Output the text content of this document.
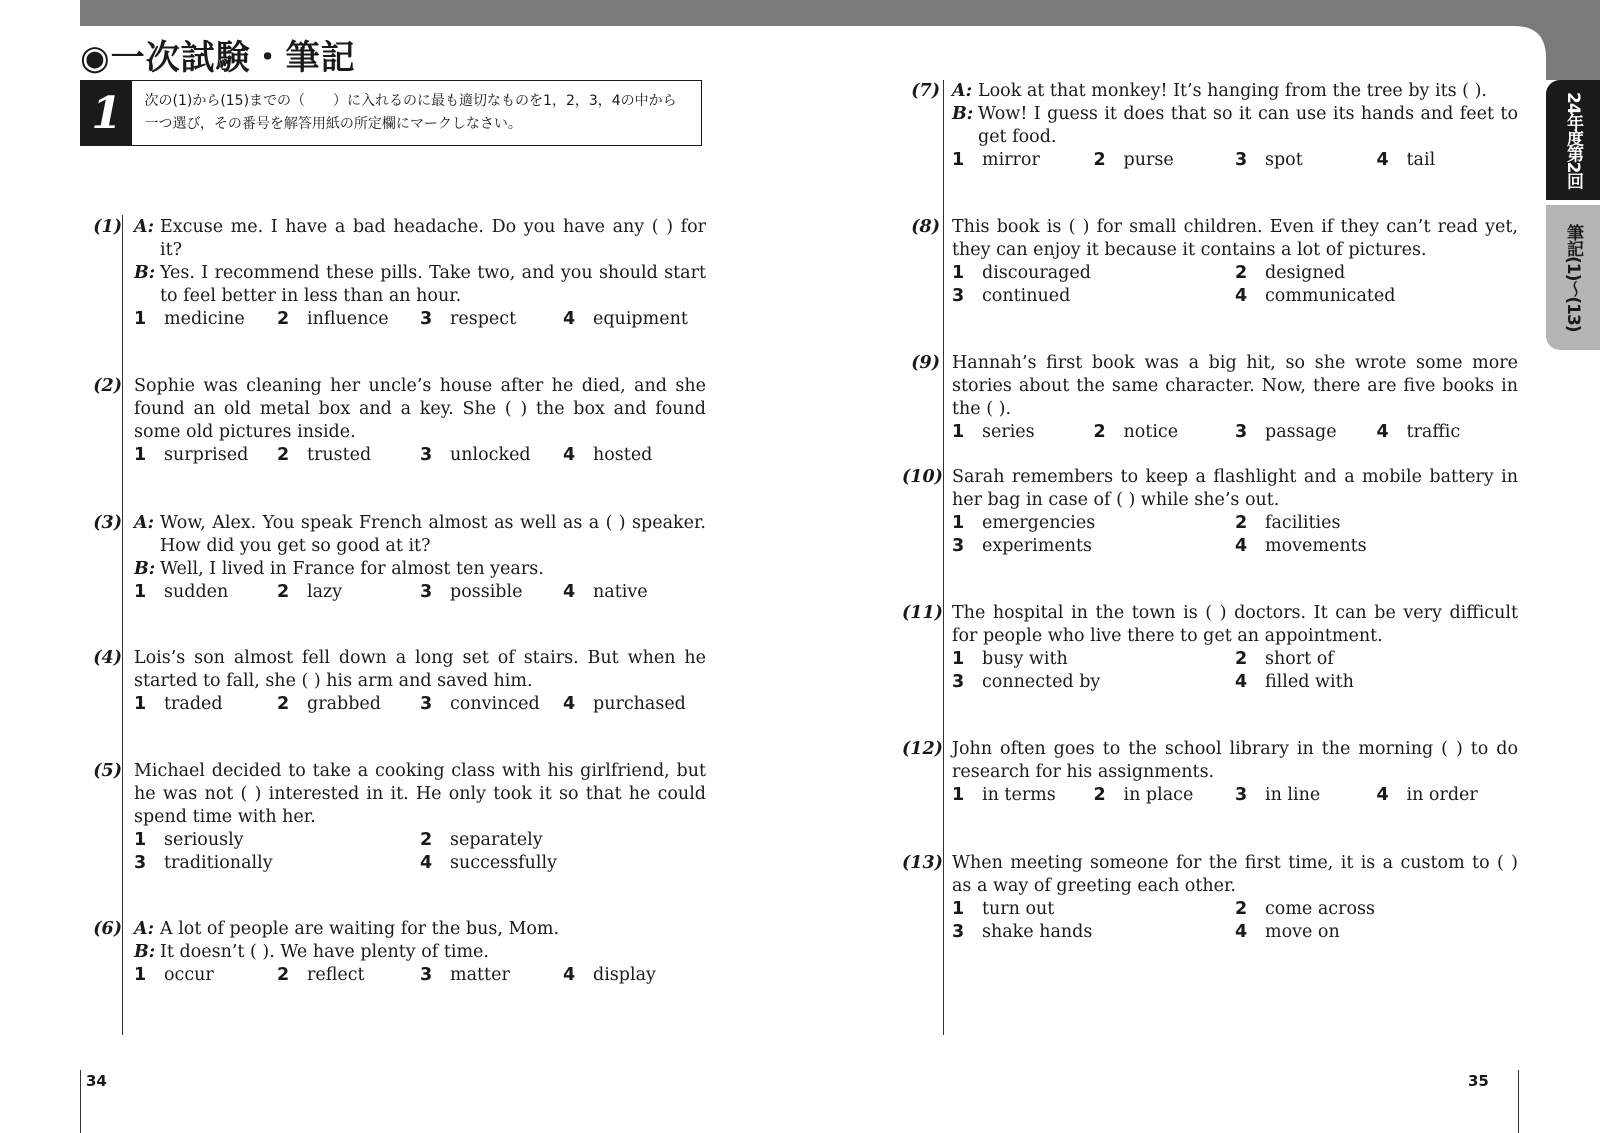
◉一次試験・筆記
1	次の(1)から(15)までの（　　）に入れるのに最も適切なものを1，2，3，4の中から一つ選び，その番号を解答用紙の所定欄にマークしなさい。	24年度第2回
筆記(1)〜(13)
(1) A: Excuse me. I have a bad headache. Do you have any ( ) for it?
B: Yes. I recommend these pills. Take two, and you should start to feel better in less than an hour.
1	medicine 2	influence 3	respect	4	equipment
(2) Sophie was cleaning her uncle’s house after he died, and she found an old metal box and a key. She ( ) the box and found some old pictures inside.
1	surprised 2	trusted	3	unlocked 4	hosted
(3) A: Wow, Alex. You speak French almost as well as a ( ) speaker. How did you get so good at it?
B: Well, I lived in France for almost ten years.
1	sudden	2	lazy	3	possible 4	native
(4) Lois’s son almost fell down a long set of stairs. But when he started to fall, she ( ) his arm and saved him.
1	traded	2	grabbed 3	convinced 4	purchased
(5) Michael decided to take a cooking class with his girlfriend, but he was not ( ) interested in it. He only took it so that he could spend time with her.
1	seriously	2	separately
3	traditionally	4	successfully
(6) A: A lot of people are waiting for the bus, Mom.
B: It doesn’t ( ). We have plenty of time.
1	occur	2	reflect	3	matter	4	display
(7) A: Look at that monkey! It’s hanging from the tree by its ( ).
B: Wow! I guess it does that so it can use its hands and feet to get food.
1	mirror	2	purse	3	spot	4	tail
(8) This book is ( ) for small children. Even if they can’t read yet, they can enjoy it because it contains a lot of pictures.
1	discouraged	2	designed
3	continued	4	communicated
(9) Hannah’s first book was a big hit, so she wrote some more stories about the same character. Now, there are five books in the ( ).
1	series	2	notice	3	passage 4	traffic
(10) Sarah remembers to keep a flashlight and a mobile battery in her bag in case of ( ) while she’s out.
1	emergencies	2	facilities
3	experiments	4	movements
(11) The hospital in the town is ( ) doctors. It can be very difficult for people who live there to get an appointment.
1	busy with	2	short of
3	connected by	4	filled with
(12) John often goes to the school library in the morning ( ) to do research for his assignments.
1	in terms 2	in place 3	in line	4	in order
(13) When meeting someone for the first time, it is a custom to ( ) as a way of greeting each other.
1	turn out	2	come across
3	shake hands	4	move on
34	35
